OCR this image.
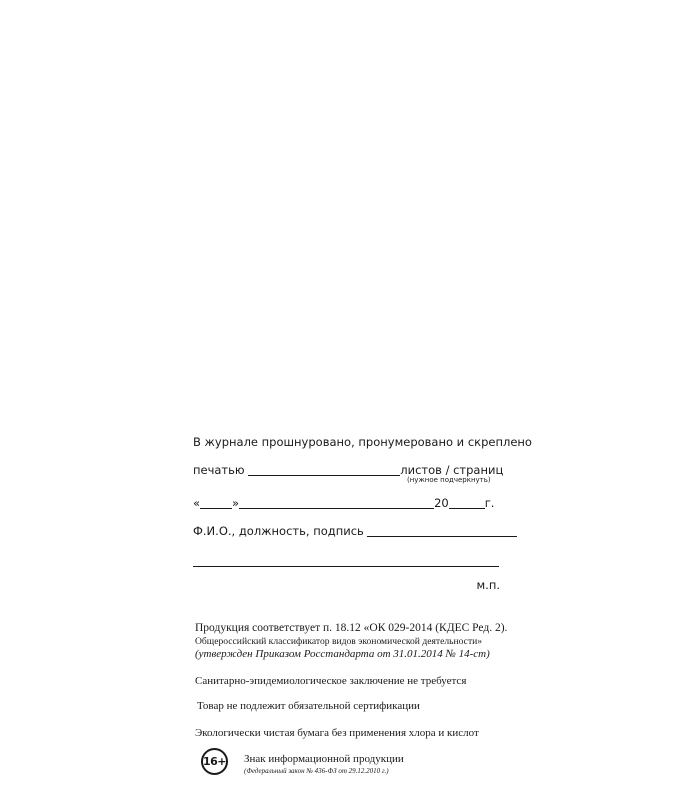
В журнале прошнуровано, пронумеровано и скреплено
печатью	листов / страниц
(нужное подчеркнуть)
«	»	20	г.
Ф.И.О., должность, подпись
м.п.
Продукция соответствует п. 18.12 «ОК 029-2014 (КДЕС Ред. 2).
Общероссийский классификатор видов экономической деятельности»
(утвержден Приказом Росстандарта от 31.01.2014 № 14-ст)
Санитарно-эпидемиологическое заключение не требуется
Товар не подлежит обязательной сертификации
Экологически чистая бумага без применения хлора и кислот
16+ Знак информационной продукции
(Федеральный закон № 436-ФЗ от 29.12.2010 г.)
